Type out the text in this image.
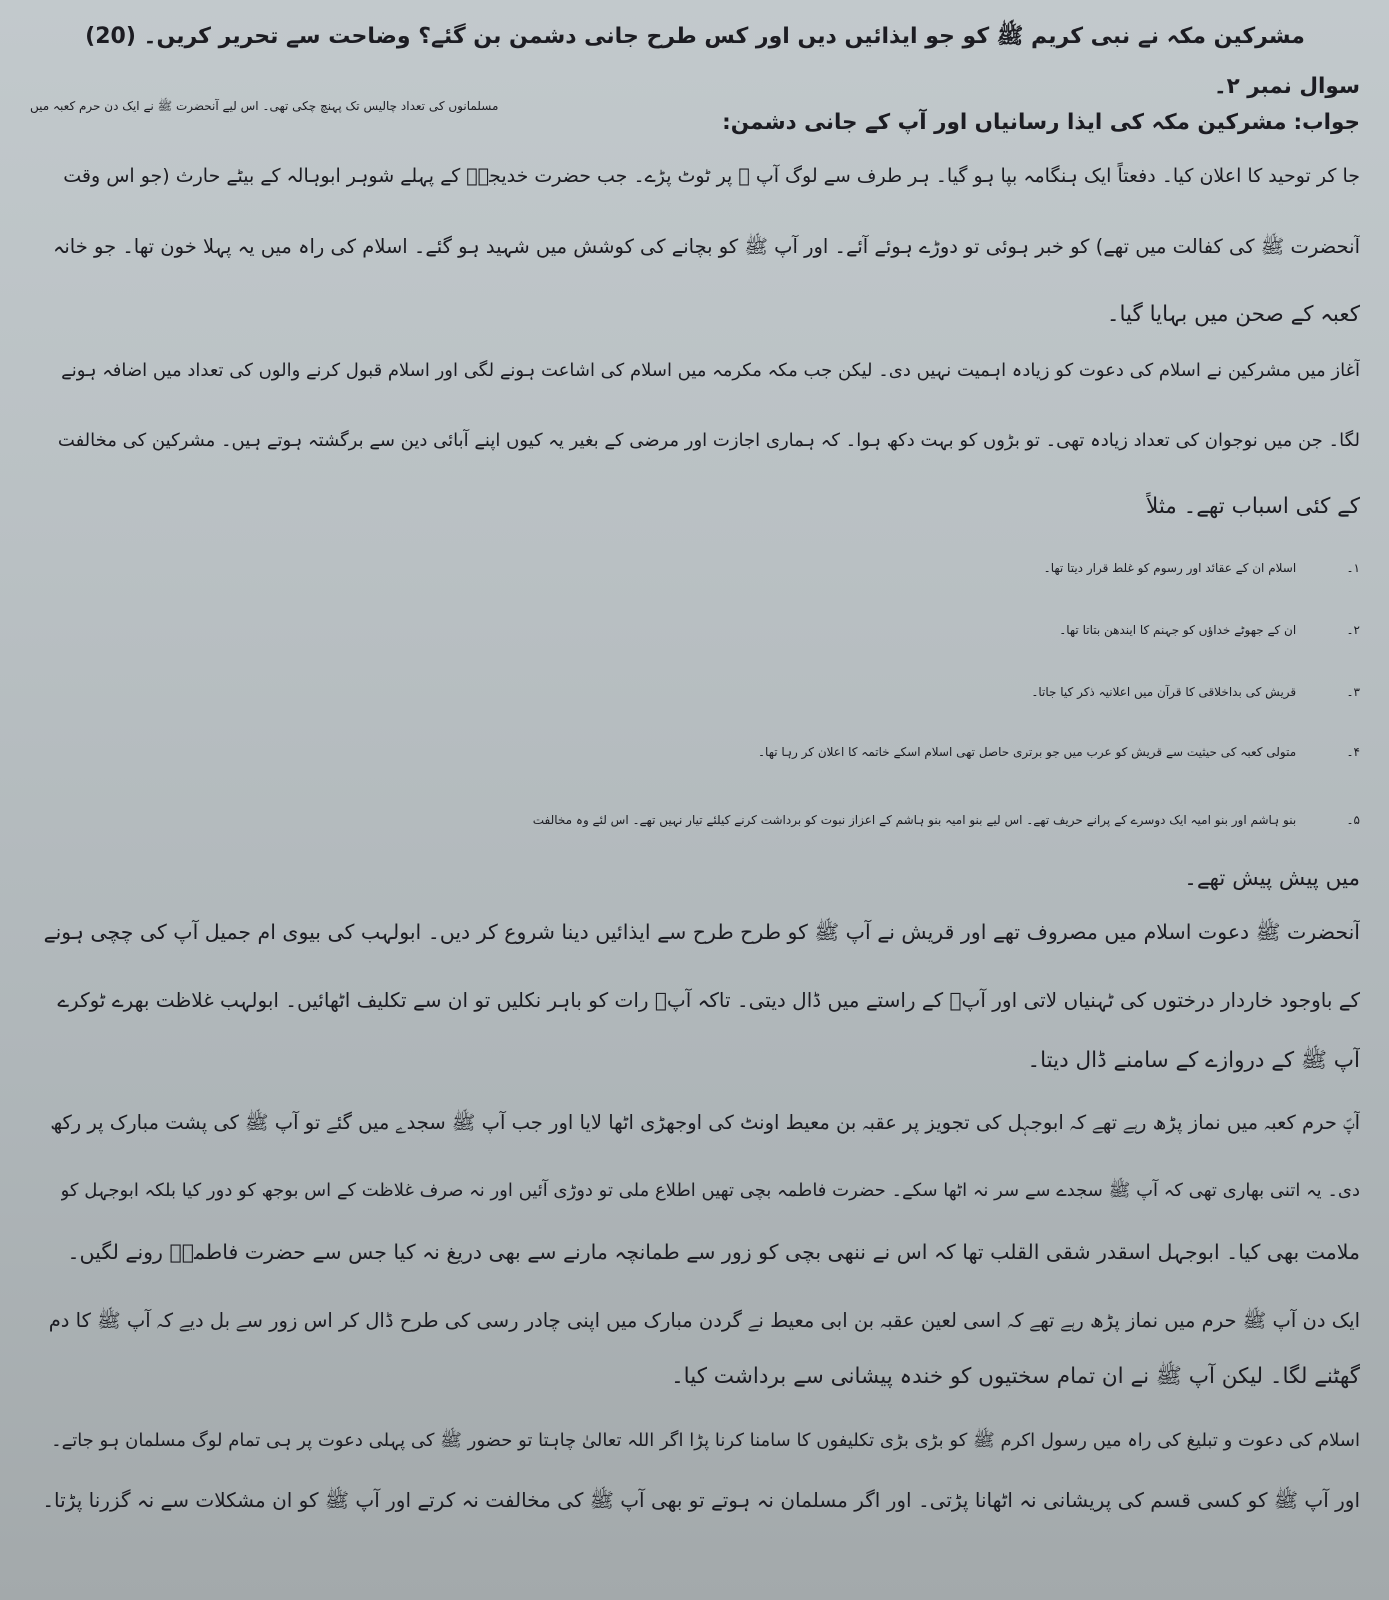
مشرکین مکہ نے نبی کریم ﷺ کو جو ایذائیں دیں اور کس طرح جانی دشمن بن گئے؟ وضاحت سے تحریر کریں۔ (20)
سوال نمبر ۲۔
جواب: مشرکین مکہ کی ایذا رسانیاں اور آپ کے جانی دشمن:
مسلمانوں کی تعداد چالیس تک پہنچ چکی تھی۔ اس لیے آنحضرت ﷺ نے ایک دن حرم کعبہ میں
جا کر توحید کا اعلان کیا۔ دفعتاً ایک ہنگامہ بپا ہو گیا۔ ہر طرف سے لوگ آپ ﷺ پر ٹوٹ پڑے۔ جب حضرت خدیجہؓ کے پہلے شوہر ابوہالہ کے بیٹے حارث (جو اس وقت
آنحضرت ﷺ کی کفالت میں تھے) کو خبر ہوئی تو دوڑے ہوئے آئے۔ اور آپ ﷺ کو بچانے کی کوشش میں شہید ہو گئے۔ اسلام کی راہ میں یہ پہلا خون تھا۔ جو خانہ
کعبہ کے صحن میں بہایا گیا۔
آغاز میں مشرکین نے اسلام کی دعوت کو زیادہ اہمیت نہیں دی۔ لیکن جب مکہ مکرمہ میں اسلام کی اشاعت ہونے لگی اور اسلام قبول کرنے والوں کی تعداد میں اضافہ ہونے
لگا۔ جن میں نوجوان کی تعداد زیادہ تھی۔ تو بڑوں کو بہت دکھ ہوا۔ کہ ہماری اجازت اور مرضی کے بغیر یہ کیوں اپنے آبائی دین سے برگشتہ ہوتے ہیں۔ مشرکین کی مخالفت
کے کئی اسباب تھے۔ مثلاً
۱۔ اسلام ان کے عقائد اور رسوم کو غلط قرار دیتا تھا۔
۲۔ ان کے جھوٹے خداؤں کو جہنم کا ایندھن بتاتا تھا۔
۳۔ قریش کی بداخلاقی کا قرآن میں اعلانیہ ذکر کیا جاتا۔
۴۔ متولی کعبہ کی حیثیت سے قریش کو عرب میں جو برتری حاصل تھی اسلام اسکے خاتمہ کا اعلان کر رہا تھا۔
۵۔ بنو ہاشم اور بنو امیہ ایک دوسرے کے پرانے حریف تھے۔ اس لیے بنو امیہ بنو ہاشم کے اعزاز نبوت کو برداشت کرنے کیلئے تیار نہیں تھے۔ اس لئے وہ مخالفت
میں پیش پیش تھے۔
آنحضرت ﷺ دعوت اسلام میں مصروف تھے اور قریش نے آپ ﷺ کو طرح طرح سے ایذائیں دینا شروع کر دیں۔ ابولہب کی بیوی ام جمیل آپ کی چچی ہونے
کے باوجود خاردار درختوں کی ٹہنیاں لاتی اور آپؐ کے راستے میں ڈال دیتی۔ تاکہ آپؐ رات کو باہر نکلیں تو ان سے تکلیف اٹھائیں۔ ابولہب غلاظت بھرے ٹوکرے
آپ ﷺ کے دروازے کے سامنے ڈال دیتا۔
آپؐ حرم کعبہ میں نماز پڑھ رہے تھے کہ ابوجہل کی تجویز پر عقبہ بن معیط اونٹ کی اوجھڑی اٹھا لایا اور جب آپ ﷺ سجدے میں گئے تو آپ ﷺ کی پشت مبارک پر رکھ
دی۔ یہ اتنی بھاری تھی کہ آپ ﷺ سجدے سے سر نہ اٹھا سکے۔ حضرت فاطمہ بچی تھیں اطلاع ملی تو دوڑی آئیں اور نہ صرف غلاظت کے اس بوجھ کو دور کیا بلکہ ابوجہل کو
ملامت بھی کیا۔ ابوجہل اسقدر شقی القلب تھا کہ اس نے ننھی بچی کو زور سے طمانچہ مارنے سے بھی دریغ نہ کیا جس سے حضرت فاطمہؓ رونے لگیں۔
ایک دن آپ ﷺ حرم میں نماز پڑھ رہے تھے کہ اسی لعین عقبہ بن ابی معیط نے گردن مبارک میں اپنی چادر رسی کی طرح ڈال کر اس زور سے بل دیے کہ آپ ﷺ کا دم
گھٹنے لگا۔ لیکن آپ ﷺ نے ان تمام سختیوں کو خندہ پیشانی سے برداشت کیا۔
اسلام کی دعوت و تبلیغ کی راہ میں رسول اکرم ﷺ کو بڑی بڑی تکلیفوں کا سامنا کرنا پڑا اگر اللہ تعالیٰ چاہتا تو حضور ﷺ کی پہلی دعوت پر ہی تمام لوگ مسلمان ہو جاتے۔
اور آپ ﷺ کو کسی قسم کی پریشانی نہ اٹھانا پڑتی۔ اور اگر مسلمان نہ ہوتے تو بھی آپ ﷺ کی مخالفت نہ کرتے اور آپ ﷺ کو ان مشکلات سے نہ گزرنا پڑتا۔
